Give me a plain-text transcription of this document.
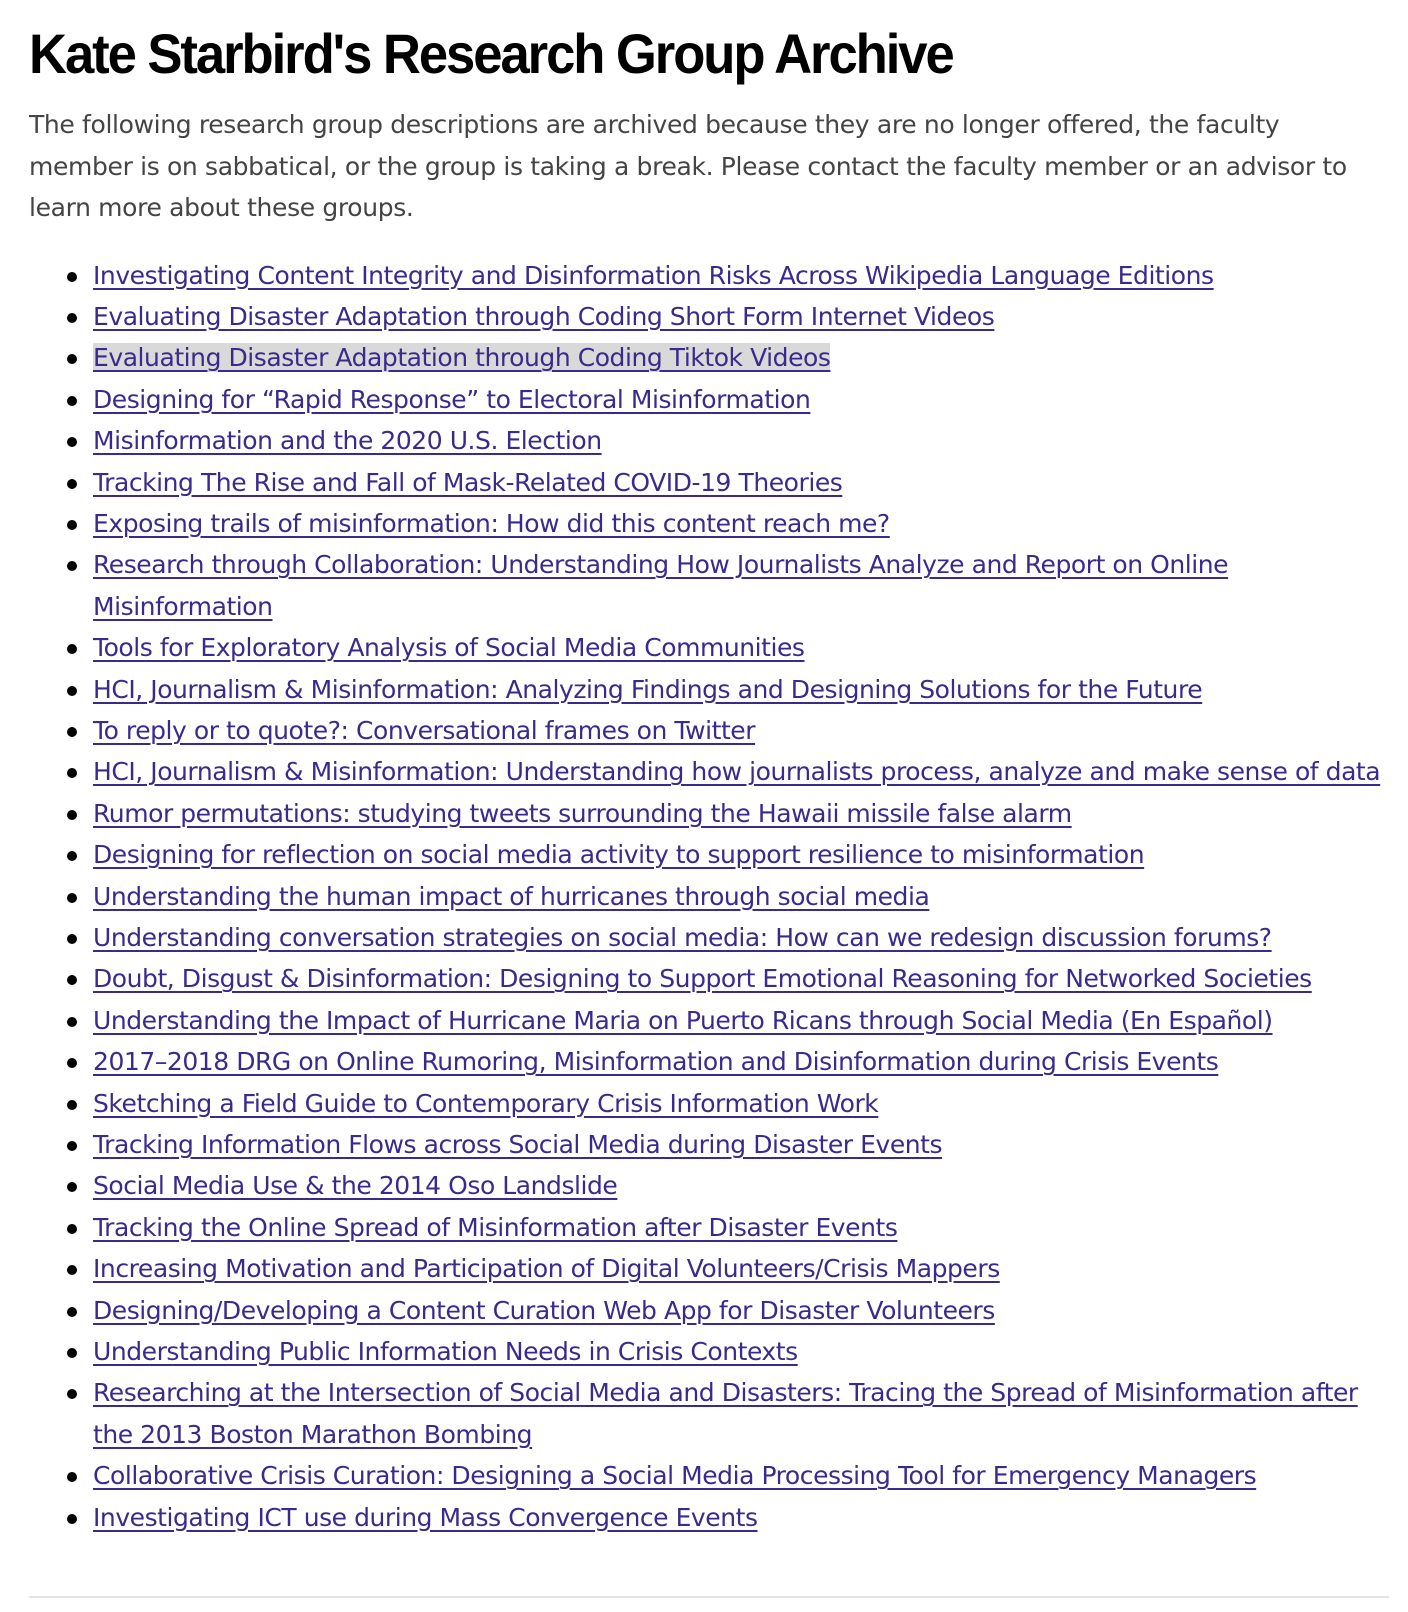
Kate Starbird's Research Group Archive

The following research group descriptions are archived because they are no longer offered, the faculty member is on sabbatical, or the group is taking a break. Please contact the faculty member or an advisor to learn more about these groups.

Investigating Content Integrity and Disinformation Risks Across Wikipedia Language Editions
Evaluating Disaster Adaptation through Coding Short Form Internet Videos
Evaluating Disaster Adaptation through Coding Tiktok Videos
Designing for “Rapid Response” to Electoral Misinformation
Misinformation and the 2020 U.S. Election
Tracking The Rise and Fall of Mask-Related COVID-19 Theories
Exposing trails of misinformation: How did this content reach me?
Research through Collaboration: Understanding How Journalists Analyze and Report on Online Misinformation
Tools for Exploratory Analysis of Social Media Communities
HCI, Journalism & Misinformation: Analyzing Findings and Designing Solutions for the Future
To reply or to quote?: Conversational frames on Twitter
HCI, Journalism & Misinformation: Understanding how journalists process, analyze and make sense of data
Rumor permutations: studying tweets surrounding the Hawaii missile false alarm
Designing for reflection on social media activity to support resilience to misinformation
Understanding the human impact of hurricanes through social media
Understanding conversation strategies on social media: How can we redesign discussion forums?
Doubt, Disgust & Disinformation: Designing to Support Emotional Reasoning for Networked Societies
Understanding the Impact of Hurricane Maria on Puerto Ricans through Social Media (En Español)
2017–2018 DRG on Online Rumoring, Misinformation and Disinformation during Crisis Events
Sketching a Field Guide to Contemporary Crisis Information Work
Tracking Information Flows across Social Media during Disaster Events
Social Media Use & the 2014 Oso Landslide
Tracking the Online Spread of Misinformation after Disaster Events
Increasing Motivation and Participation of Digital Volunteers/Crisis Mappers
Designing/Developing a Content Curation Web App for Disaster Volunteers
Understanding Public Information Needs in Crisis Contexts
Researching at the Intersection of Social Media and Disasters: Tracing the Spread of Misinformation after the 2013 Boston Marathon Bombing
Collaborative Crisis Curation: Designing a Social Media Processing Tool for Emergency Managers
Investigating ICT use during Mass Convergence Events
